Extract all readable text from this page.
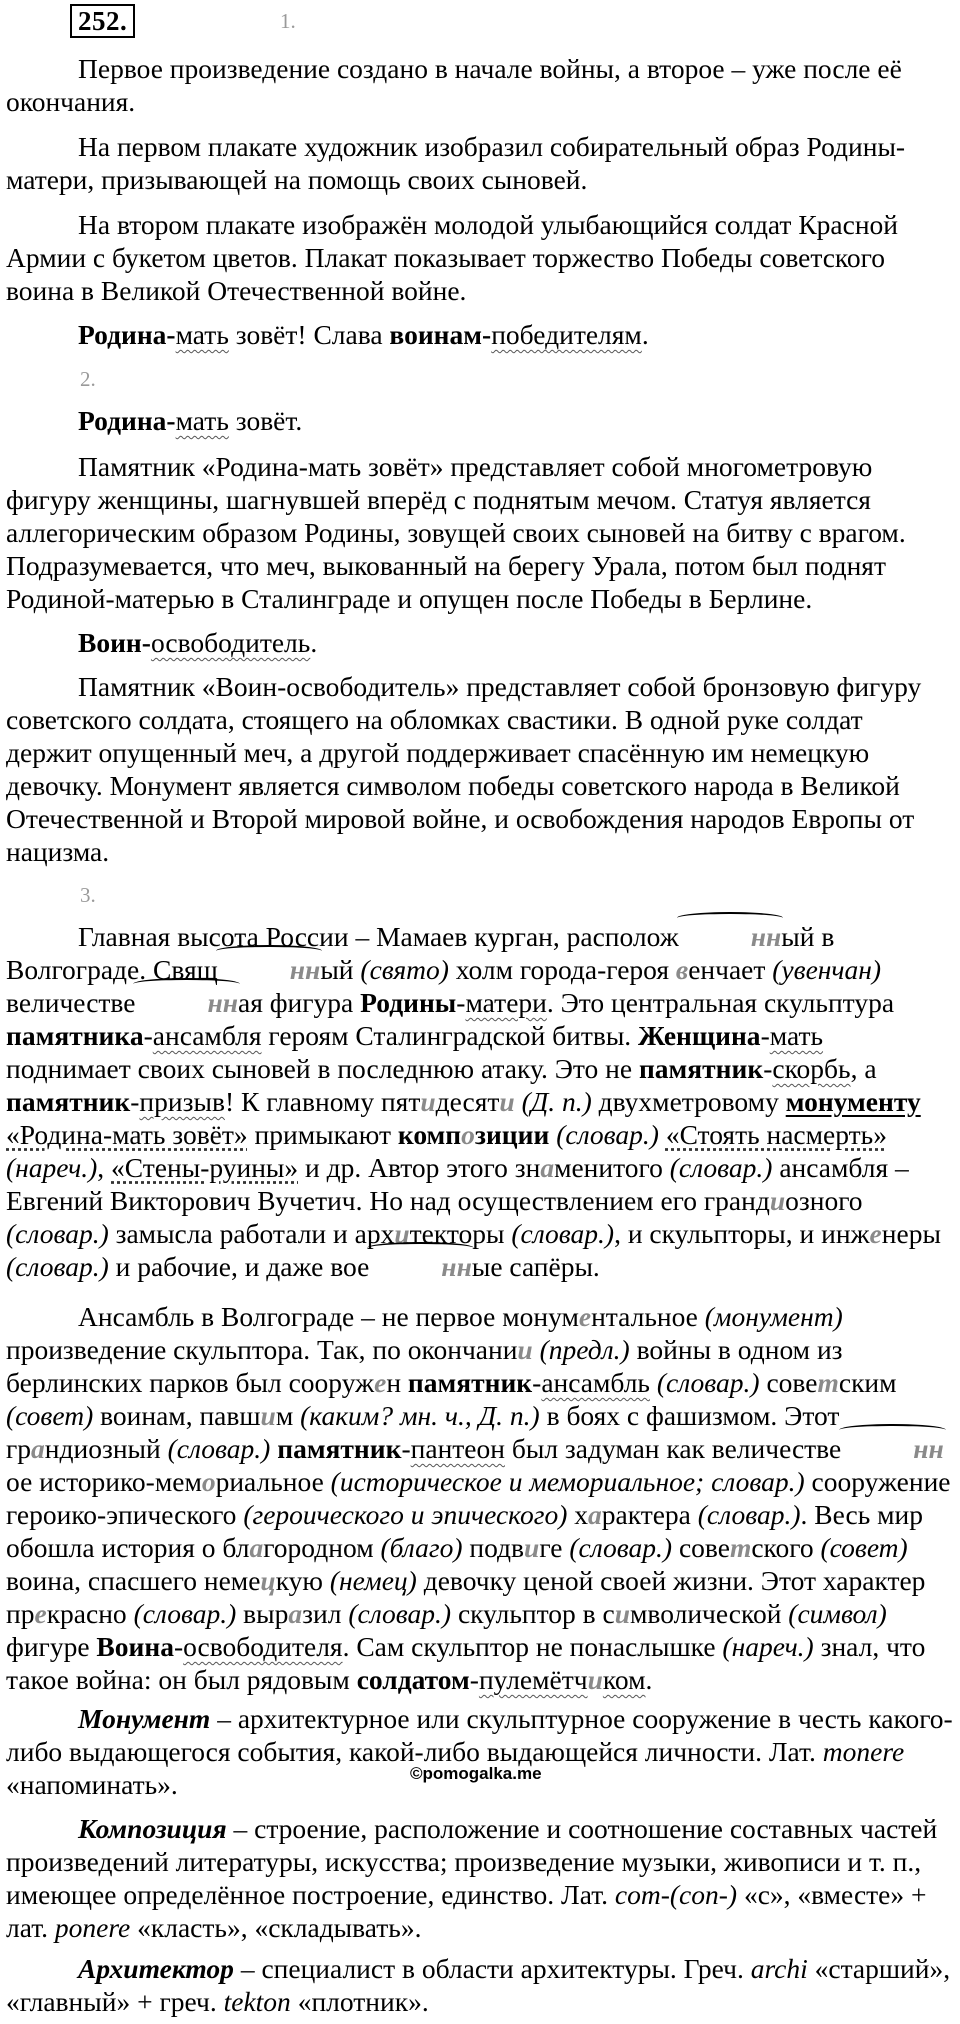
252.	1.

Первое произведение создано в начале войны, а второе – уже после её окончания.

На первом плакате художник изобразил собирательный образ Родины-матери, призывающей на помощь своих сыновей.

На втором плакате изображён молодой улыбающийся солдат Красной Армии с букетом цветов. Плакат показывает торжество Победы советского воина в Великой Отечественной войне.

Родина-мать зовёт! Слава воинам-победителям.

2.

Родина-мать зовёт.

Памятник «Родина-мать зовёт» представляет собой многометровую фигуру женщины, шагнувшей вперёд с поднятым мечом. Статуя является аллегорическим образом Родины, зовущей своих сыновей на битву с врагом. Подразумевается, что меч, выкованный на берегу Урала, потом был поднят Родиной-матерью в Сталинграде и опущен после Победы в Берлине.

Воин-освободитель.

Памятник «Воин-освободитель» представляет собой бронзовую фигуру советского солдата, стоящего на обломках свастики. В одной руке солдат держит опущенный меч, а другой поддерживает спасённую им немецкую девочку. Монумент является символом победы советского народа в Великой Отечественной и Второй мировой войне, и освобождения народов Европы от нацизма.

3.

Главная высота России – Мамаев курган, располож	нный в Волгограде. Свящ	нный (свято) холм города-героя венчает (увенчан) величестве	нная фигура Родины-матери. Это центральная скульптура памятника-ансамбля героям Сталинградской битвы. Женщина-мать поднимает своих сыновей в последнюю атаку. Это не памятник-скорбь, а памятник-призыв! К главному пятидесяти (Д. п.) двухметровому монументу «Родина-мать зовёт» примыкают композиции (словар.) «Стоять насмерть» (нареч.), «Стены-руины» и др. Автор этого знаменитого (словар.) ансамбля – Евгений Викторович Вучетич. Но над осуществлением его грандиозного (словар.) замысла работали и архитекторы (словар.), и скульпторы, и инженеры (словар.) и рабочие, и даже вое	нные сапёры.

Ансамбль в Волгограде – не первое монументальное (монумент) произведение скульптора. Так, по окончании (предл.) войны в одном из берлинских парков был сооружен памятник-ансамбль (словар.) советским (совет) воинам, павшим (каким? мн. ч., Д. п.) в боях с фашизмом. Этот грандиозный (словар.) памятник-пантеон был задуман как величестве	нное историко-мемориальное (историческое и мемориальное; словар.) сооружение героико-эпического (героического и эпического) характера (словар.). Весь мир обошла история о благородном (благо) подвиге (словар.) советского (совет) воина, спасшего немецкую (немец) девочку ценой своей жизни. Этот характер прекрасно (словар.) выразил (словар.) скульптор в символической (символ) фигуре Воина-освободителя. Сам скульптор не понаслышке (нареч.) знал, что такое война: он был рядовым солдатом-пулемётчиком.

Монумент – архитектурное или скульптурное сооружение в честь какого-либо выдающегося события, какой-либо выдающейся личности. Лат. monere «напоминать».	©pomogalka.me

Композиция – строение, расположение и соотношение составных частей произведений литературы, искусства; произведение музыки, живописи и т. п., имеющее определённое построение, единство. Лат. com-(con-) «с», «вместе» + лат. ponere «класть», «складывать».

Архитектор – специалист в области архитектуры. Греч. archi «старший», «главный» + греч. tekton «плотник».
